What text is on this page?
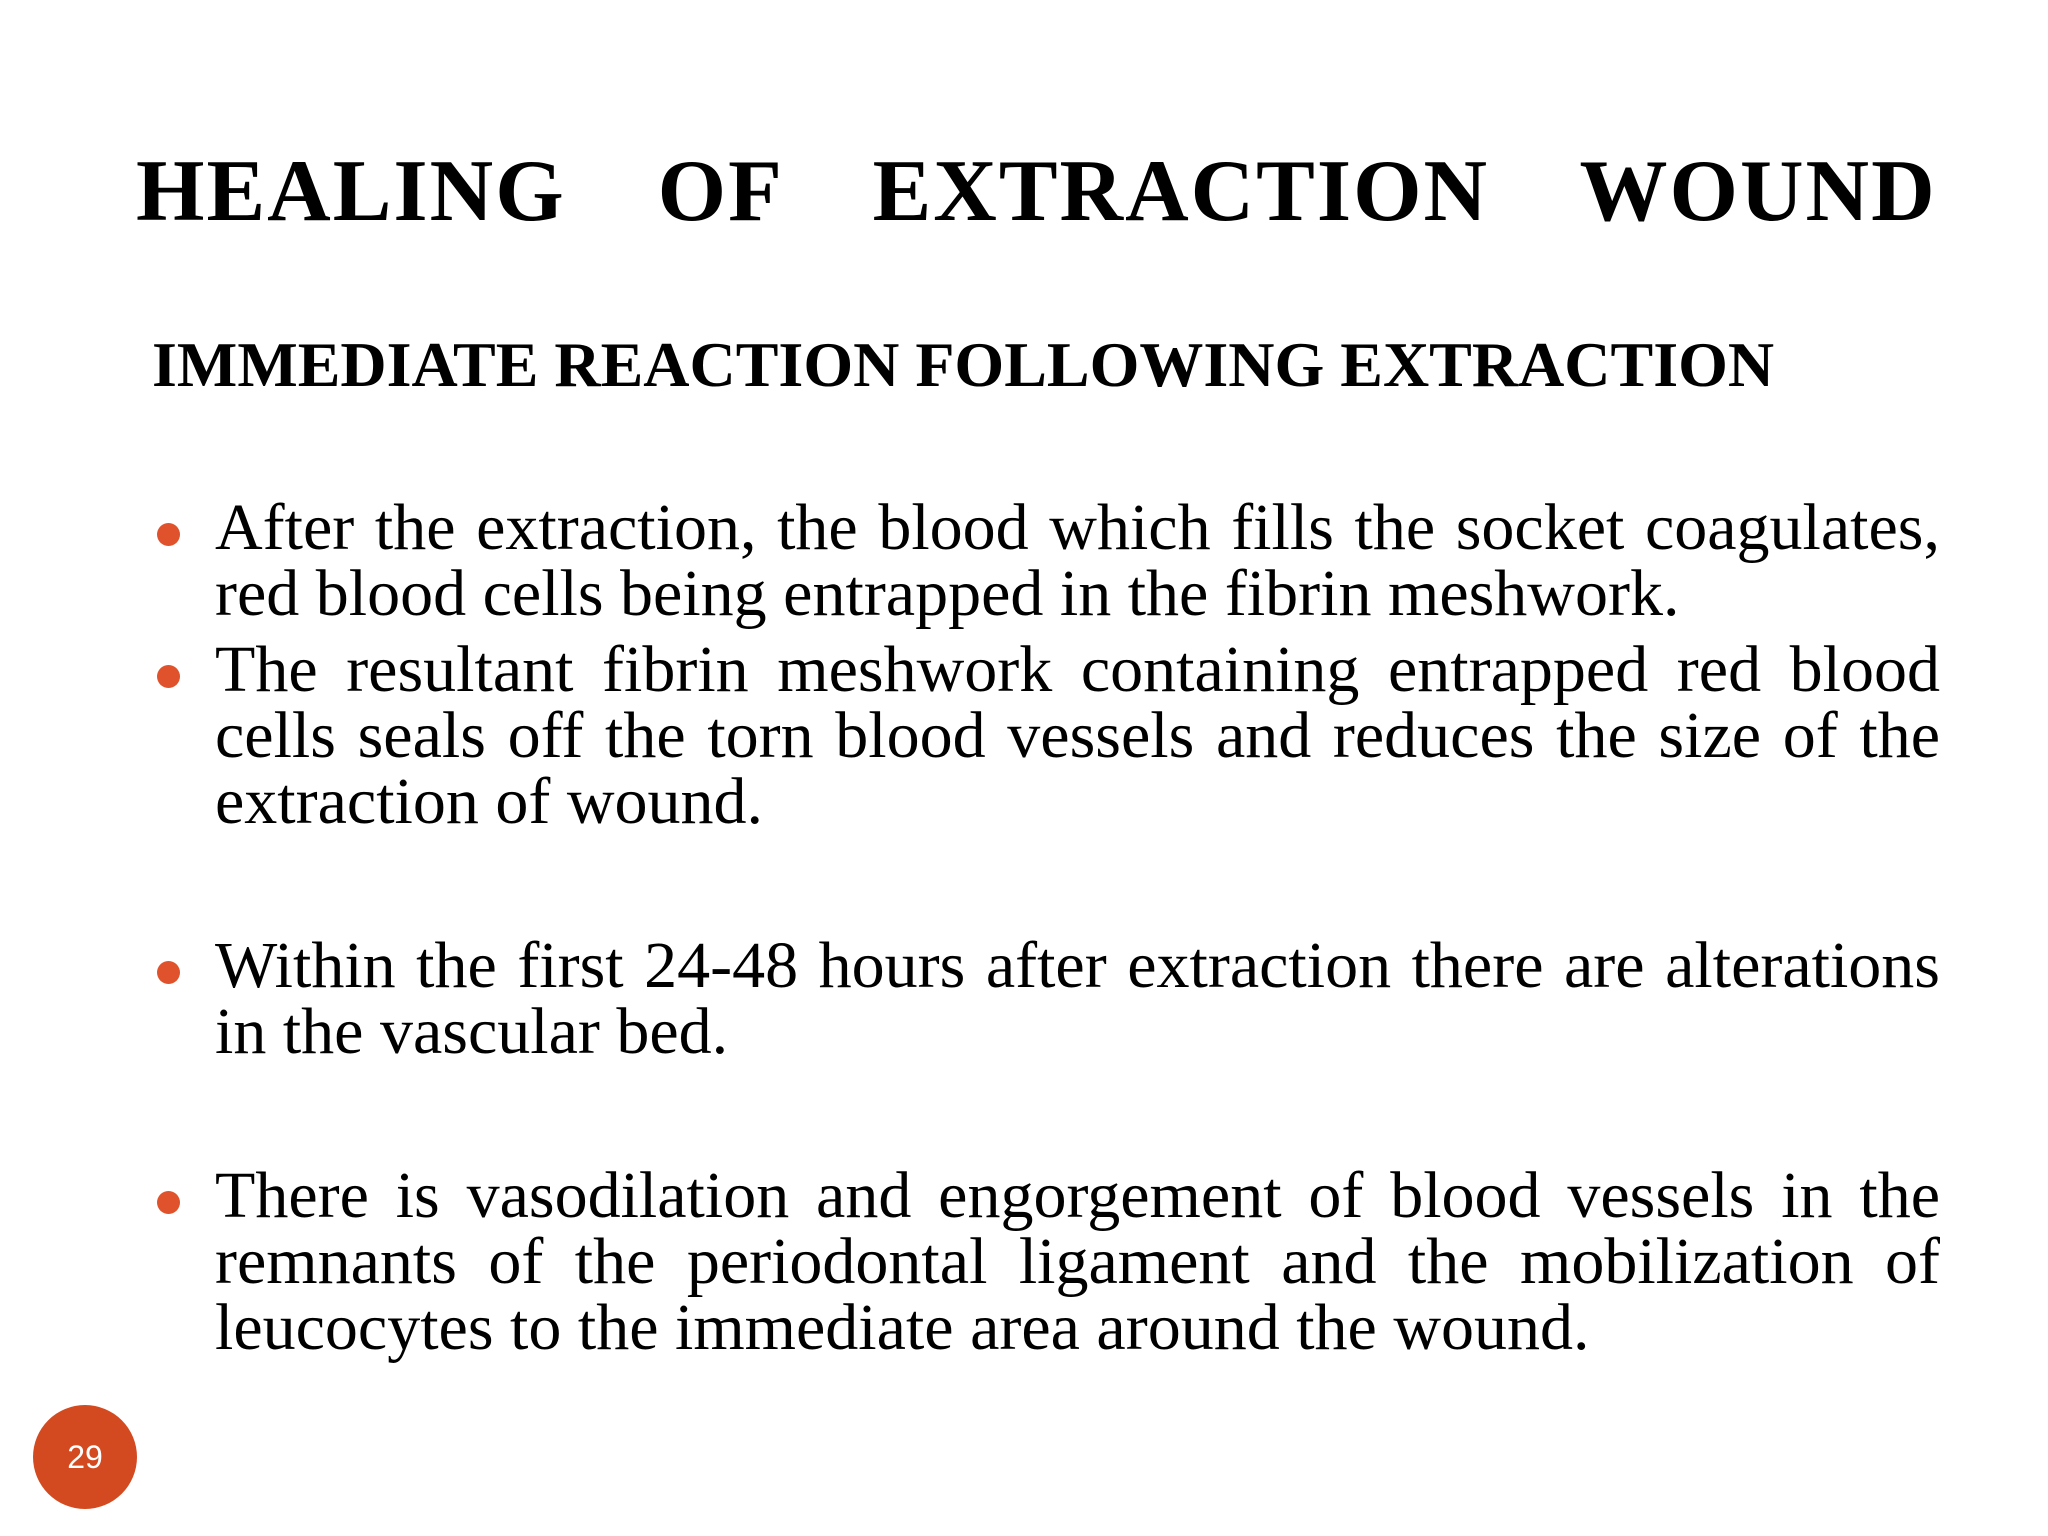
HEALING  OF  EXTRACTION  WOUND
IMMEDIATE REACTION FOLLOWING EXTRACTION
After the extraction, the blood which fills the socket coagulates, red blood cells being entrapped in the fibrin meshwork.
The resultant fibrin meshwork containing entrapped red blood cells seals off the torn blood vessels and reduces the size of the extraction of wound.
Within the first 24-48 hours after extraction there are alterations in the vascular bed.
There is vasodilation and engorgement of blood vessels in the remnants of the periodontal ligament and the mobilization of leucocytes to the immediate area around the wound.
29
